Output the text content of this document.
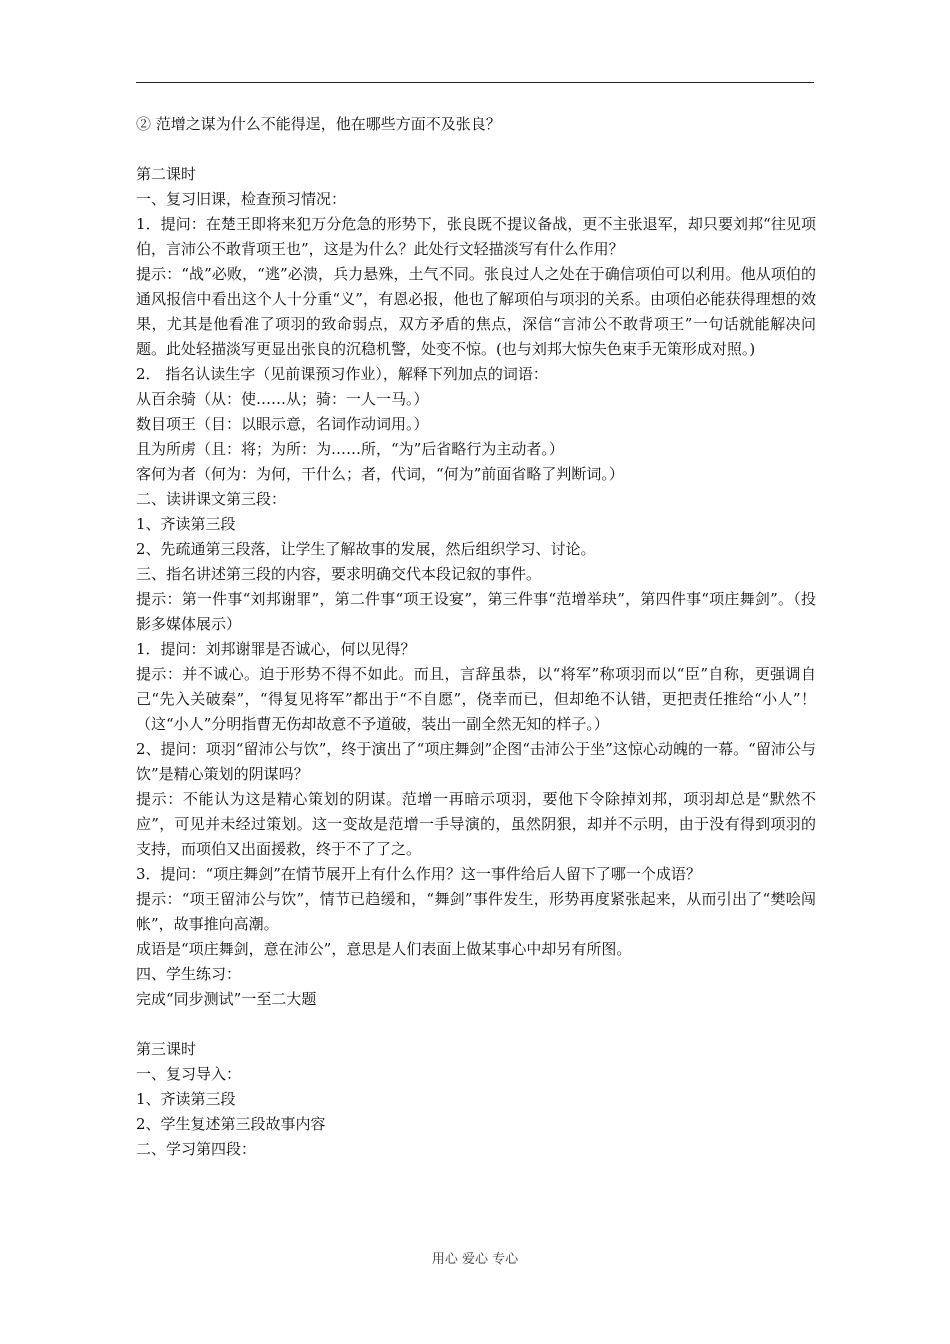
② 范增之谋为什么不能得逞，他在哪些方面不及张良？

第二课时

一、复习旧课，检查预习情况：

1．提问：在楚王即将来犯万分危急的形势下，张良既不提议备战，更不主张退军，却只要刘邦“往见项伯，言沛公不敢背项王也”，这是为什么？此处行文轻描淡写有什么作用？

提示：“战”必败，“逃”必溃，兵力悬殊，土气不同。张良过人之处在于确信项伯可以利用。他从项伯的通风报信中看出这个人十分重“义”，有恩必报，他也了解项伯与项羽的关系。由项伯必能获得理想的效果，尤其是他看准了项羽的致命弱点，双方矛盾的焦点，深信“言沛公不敢背项王”一句话就能解决问题。此处轻描淡写更显出张良的沉稳机警，处变不惊。(也与刘邦大惊失色束手无策形成对照。)

2． 指名认读生字（见前课预习作业），解释下列加点的词语：

从百余骑（从：使……从；骑：一人一马。）

数目项王（目：以眼示意，名词作动词用。）

且为所虏（且：将；为所：为……所，“为”后省略行为主动者。）

客何为者（何为：为何，干什么；者，代词，“何为”前面省略了判断词。）

二、读讲课文第三段：

1、齐读第三段

2、先疏通第三段落，让学生了解故事的发展，然后组织学习、讨论。

三、指名讲述第三段的内容，要求明确交代本段记叙的事件。

提示：第一件事“刘邦谢罪”，第二件事“项王设宴”，第三件事“范增举玦”，第四件事“项庄舞剑”。（投影多媒体展示）

1．提问：刘邦谢罪是否诚心，何以见得？

提示：并不诚心。迫于形势不得不如此。而且，言辞虽恭，以“将军”称项羽而以“臣”自称，更强调自己“先入关破秦”，“得复见将军”都出于“不自愿”，侥幸而已，但却绝不认错，更把责任推给“小人”！（这“小人”分明指曹无伤却故意不予道破，装出一副全然无知的样子。）

2、提问：项羽“留沛公与饮”，终于演出了“项庄舞剑”企图“击沛公于坐”这惊心动魄的一幕。“留沛公与饮”是精心策划的阴谋吗？

提示：不能认为这是精心策划的阴谋。范增一再暗示项羽，要他下令除掉刘邦，项羽却总是“默然不应”，可见并未经过策划。这一变故是范增一手导演的，虽然阴狠，却并不示明，由于没有得到项羽的支持，而项伯又出面援救，终于不了了之。

3．提问：“项庄舞剑”在情节展开上有什么作用？这一事件给后人留下了哪一个成语？

提示：“项王留沛公与饮”，情节已趋缓和，“舞剑”事件发生，形势再度紧张起来，从而引出了“樊哙闯帐”，故事推向高潮。

成语是“项庄舞剑，意在沛公”，意思是人们表面上做某事心中却另有所图。

四、学生练习：

完成“同步测试”一至二大题

第三课时

一、复习导入：

1、齐读第三段

2、学生复述第三段故事内容

二、学习第四段：

用心 爱心 专心
